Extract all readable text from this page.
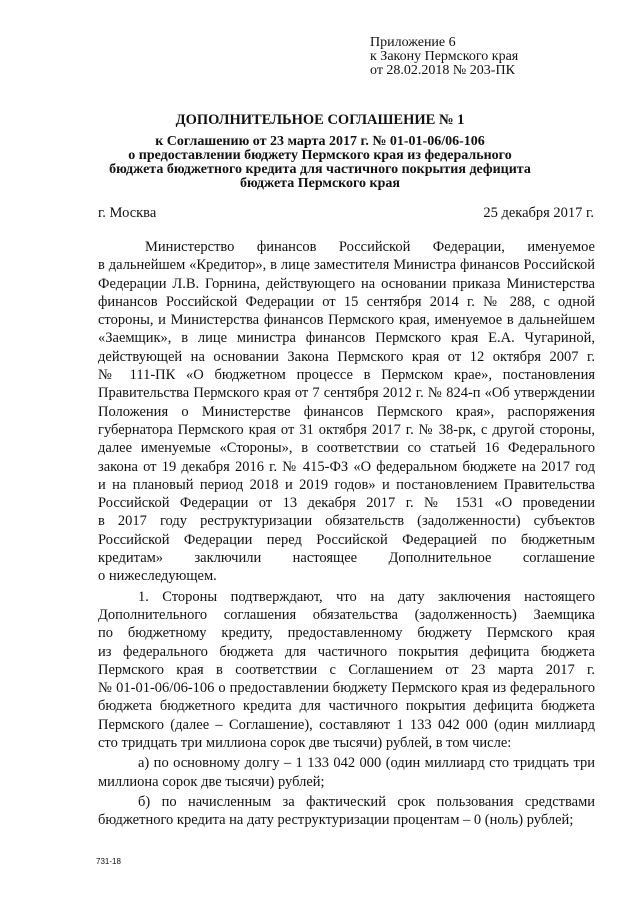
Приложение 6
к Закону Пермского края
от 28.02.2018 № 203-ПК
ДОПОЛНИТЕЛЬНОЕ СОГЛАШЕНИЕ № 1
к Соглашению от 23 марта 2017 г. № 01-01-06/06-106
о предоставлении бюджету Пермского края из федерального
бюджета бюджетного кредита для частичного покрытия дефицита
бюджета Пермского края
г. Москва	25 декабря 2017 г.
Министерство финансов Российской Федерации, именуемое
в дальнейшем «Кредитор», в лице заместителя Министра финансов Российской
Федерации Л.В. Горнина, действующего на основании приказа Министерства
финансов Российской Федерации от 15 сентября 2014 г. № 288, с одной
стороны, и Министерства финансов Пермского края, именуемое в дальнейшем
«Заемщик», в лице министра финансов Пермского края Е.А. Чугариной,
действующей на основании Закона Пермского края от 12 октября 2007 г.
№ 111-ПК «О бюджетном процессе в Пермском крае», постановления
Правительства Пермского края от 7 сентября 2012 г. № 824-п «Об утверждении
Положения о Министерстве финансов Пермского края», распоряжения
губернатора Пермского края от 31 октября 2017 г. № 38-рк, с другой стороны,
далее именуемые «Стороны», в соответствии со статьей 16 Федерального
закона от 19 декабря 2016 г. № 415-ФЗ «О федеральном бюджете на 2017 год
и на плановый период 2018 и 2019 годов» и постановлением Правительства
Российской Федерации от 13 декабря 2017 г. № 1531 «О проведении
в 2017 году реструктуризации обязательств (задолженности) субъектов
Российской Федерации перед Российской Федерацией по бюджетным
кредитам» заключили настоящее Дополнительное соглашение
о нижеследующем.
1. Стороны подтверждают, что на дату заключения настоящего
Дополнительного соглашения обязательства (задолженность) Заемщика
по бюджетному кредиту, предоставленному бюджету Пермского края
из федерального бюджета для частичного покрытия дефицита бюджета
Пермского края в соответствии с Соглашением от 23 марта 2017 г.
№ 01-01-06/06-106 о предоставлении бюджету Пермского края из федерального
бюджета бюджетного кредита для частичного покрытия дефицита бюджета
Пермского (далее – Соглашение), составляют 1 133 042 000 (один миллиард
сто тридцать три миллиона сорок две тысячи) рублей, в том числе:
а) по основному долгу – 1 133 042 000 (один миллиард сто тридцать три
миллиона сорок две тысячи) рублей;
б) по начисленным за фактический срок пользования средствами
бюджетного кредита на дату реструктуризации процентам – 0 (ноль) рублей;
731-18
